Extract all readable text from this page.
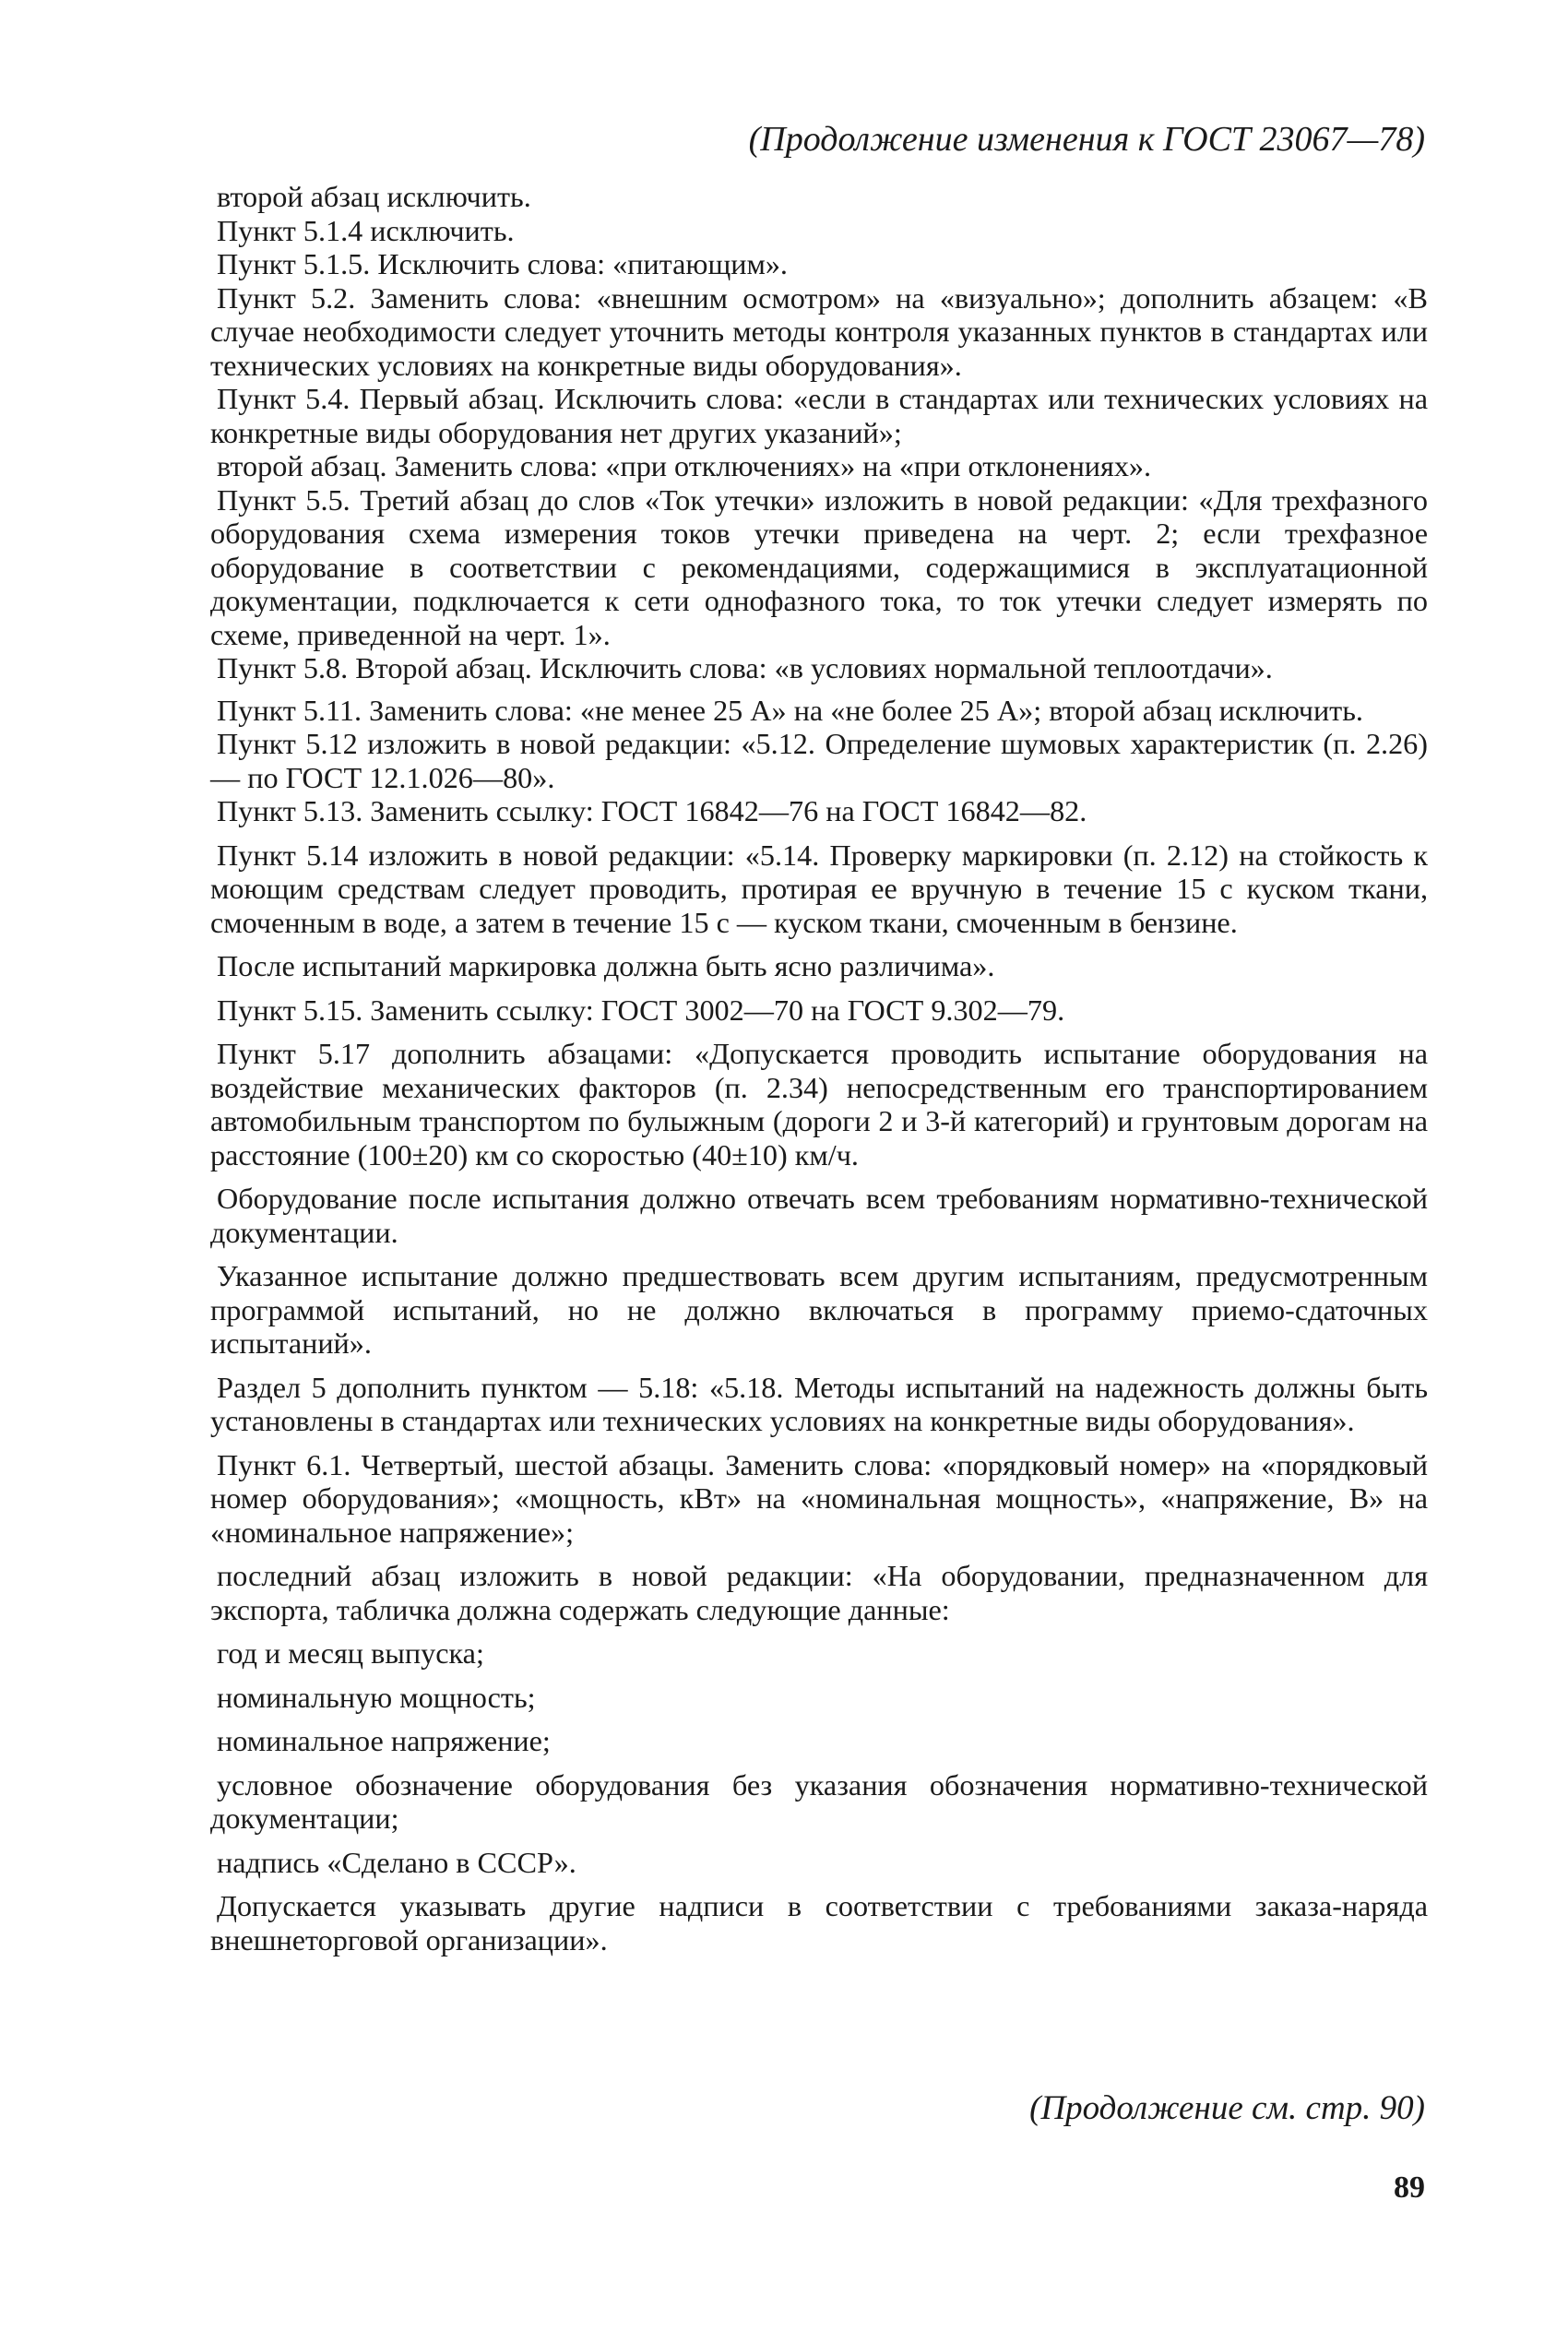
(Продолжение изменения к ГОСТ 23067—78)

второй абзац исключить.

Пункт 5.1.4 исключить.

Пункт 5.1.5. Исключить слова: «питающим».

Пункт 5.2. Заменить слова: «внешним осмотром» на «визуально»; дополнить абзацем: «В случае необходимости следует уточнить методы контроля указанных пунктов в стандартах или технических условиях на конкретные виды оборудования».

Пункт 5.4. Первый абзац. Исключить слова: «если в стандартах или технических условиях на конкретные виды оборудования нет других указаний»;

второй абзац. Заменить слова: «при отключениях» на «при отклонениях».

Пункт 5.5. Третий абзац до слов «Ток утечки» изложить в новой редакции: «Для трехфазного оборудования схема измерения токов утечки приведена на черт. 2; если трехфазное оборудование в соответствии с рекомендациями, содержащимися в эксплуатационной документации, подключается к сети однофазного тока, то ток утечки следует измерять по схеме, приведенной на черт. 1».

Пункт 5.8. Второй абзац. Исключить слова: «в условиях нормальной теплоотдачи».

Пункт 5.11. Заменить слова: «не менее 25 А» на «не более 25 А»; второй абзац исключить.

Пункт 5.12 изложить в новой редакции: «5.12. Определение шумовых характеристик (п. 2.26) — по ГОСТ 12.1.026—80».

Пункт 5.13. Заменить ссылку: ГОСТ 16842—76 на ГОСТ 16842—82.

Пункт 5.14 изложить в новой редакции: «5.14. Проверку маркировки (п. 2.12) на стойкость к моющим средствам следует проводить, протирая ее вручную в течение 15 с куском ткани, смоченным в воде, а затем в течение 15 с — куском ткани, смоченным в бензине.

После испытаний маркировка должна быть ясно различима».

Пункт 5.15. Заменить ссылку: ГОСТ 3002—70 на ГОСТ 9.302—79.

Пункт 5.17 дополнить абзацами: «Допускается проводить испытание оборудования на воздействие механических факторов (п. 2.34) непосредственным его транспортированием автомобильным транспортом по булыжным (дороги 2 и 3-й категорий) и грунтовым дорогам на расстояние (100±20) км со скоростью (40±10) км/ч.

Оборудование после испытания должно отвечать всем требованиям нормативно-технической документации.

Указанное испытание должно предшествовать всем другим испытаниям, предусмотренным программой испытаний, но не должно включаться в программу приемо-сдаточных испытаний».

Раздел 5 дополнить пунктом — 5.18: «5.18. Методы испытаний на надежность должны быть установлены в стандартах или технических условиях на конкретные виды оборудования».

Пункт 6.1. Четвертый, шестой абзацы. Заменить слова: «порядковый номер» на «порядковый номер оборудования»; «мощность, кВт» на «номинальная мощность», «напряжение, В» на «номинальное напряжение»;

последний абзац изложить в новой редакции: «На оборудовании, предназначенном для экспорта, табличка должна содержать следующие данные:

год и месяц выпуска;

номинальную мощность;

номинальное напряжение;

условное обозначение оборудования без указания обозначения нормативно-технической документации;

надпись «Сделано в СССР».

Допускается указывать другие надписи в соответствии с требованиями заказа-наряда внешнеторговой организации».

(Продолжение см. стр. 90)
89
